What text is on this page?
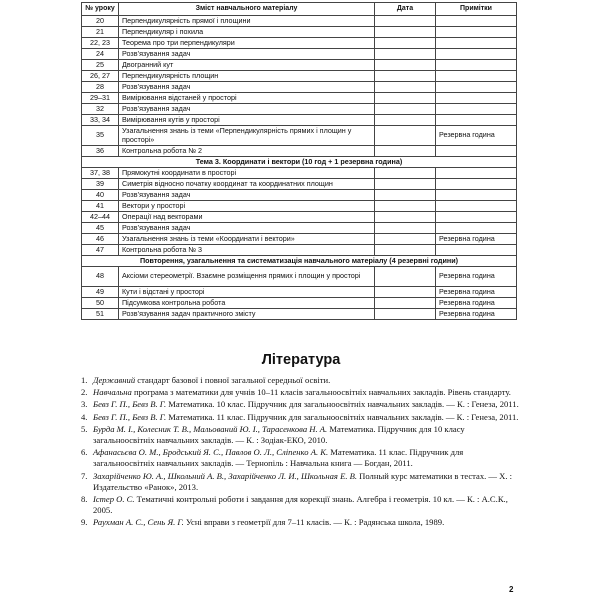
№ уроку	Зміст навчального матеріалу	Дата	Примітки
20	Перпендикулярність прямої і площини		
21	Перпендикуляр і похила		
22, 23	Теорема про три перпендикуляри		
24	Розв’язування задач		
25	Двогранний кут		
26, 27	Перпендикулярність площин		
28	Розв’язування задач		
29–31	Вимірювання відстаней у просторі		
32	Розв’язування задач		
33, 34	Вимірювання кутів у просторі		
35	Узагальнення знань із теми «Перпендикулярність прямих і площин у просторі»		Резервна година
36	Контрольна робота № 2		
Тема 3. Координати і вектори (10 год + 1 резервна година)			
37, 38	Прямокутні координати в просторі		
39	Симетрія відносно початку координат та координатних площин		
40	Розв’язування задач		
41	Вектори у просторі		
42–44	Операції над векторами		
45	Розв’язування задач		
46	Узагальнення знань із теми «Координати і вектори»		Резервна година
47	Контрольна робота № 3		
Повторення, узагальнення та систематизація навчального матеріалу (4 резервні години)			
48	Аксіоми стереометрії. Взаємне розміщення прямих і площин у просторі		Резервна година
49	Кути і відстані у просторі		Резервна година
50	Підсумкова контрольна робота		Резервна година
51	Розв’язування задач практичного змісту		Резервна година
Література
1. Державний стандарт базової і повної загальної середньої освіти.
2. Навчальна програма з математики для учнів 10–11 класів загальноосвітніх навчальних закладів. Рівень стандарту.
3. Бевз Г. П., Бевз В. Г. Математика. 10 клас. Підручник для загальноосвітніх навчальних закладів. — К. : Генеза, 2011.
4. Бевз Г. П., Бевз В. Г. Математика. 11 клас. Підручник для загальноосвітніх навчальних закладів. — К. : Генеза, 2011.
5. Бурда М. І., Колесник Т. В., Мальований Ю. І., Тарасенкова Н. А. Математика. Підручник для 10 класу загальноосвітніх навчальних закладів. — К. : Зодіак-ЕКО, 2010.
6. Афанасьєва О. М., Бродський Я. С., Павлов О. Л., Сліпенко А. К. Математика. 11 клас. Підручник для загальноосвітніх навчальних закладів. — Тернопіль : Навчальна книга — Богдан, 2011.
7. Захарійченко Ю. А., Школьний А. В., Захарійченко Л. И., Школьная Е. В. Полный курс математики в тестах. — Х. : Издательство «Ранок», 2013.
8. Істер О. С. Тематичні контрольні роботи і завдання для корекції знань. Алгебра і геометрія. 10 кл. — К. : А.С.К., 2005.
9. Раухман А. С., Сень Я. Г. Усні вправи з геометрії для 7–11 класів. — К. : Радянська школа, 1989.
2
